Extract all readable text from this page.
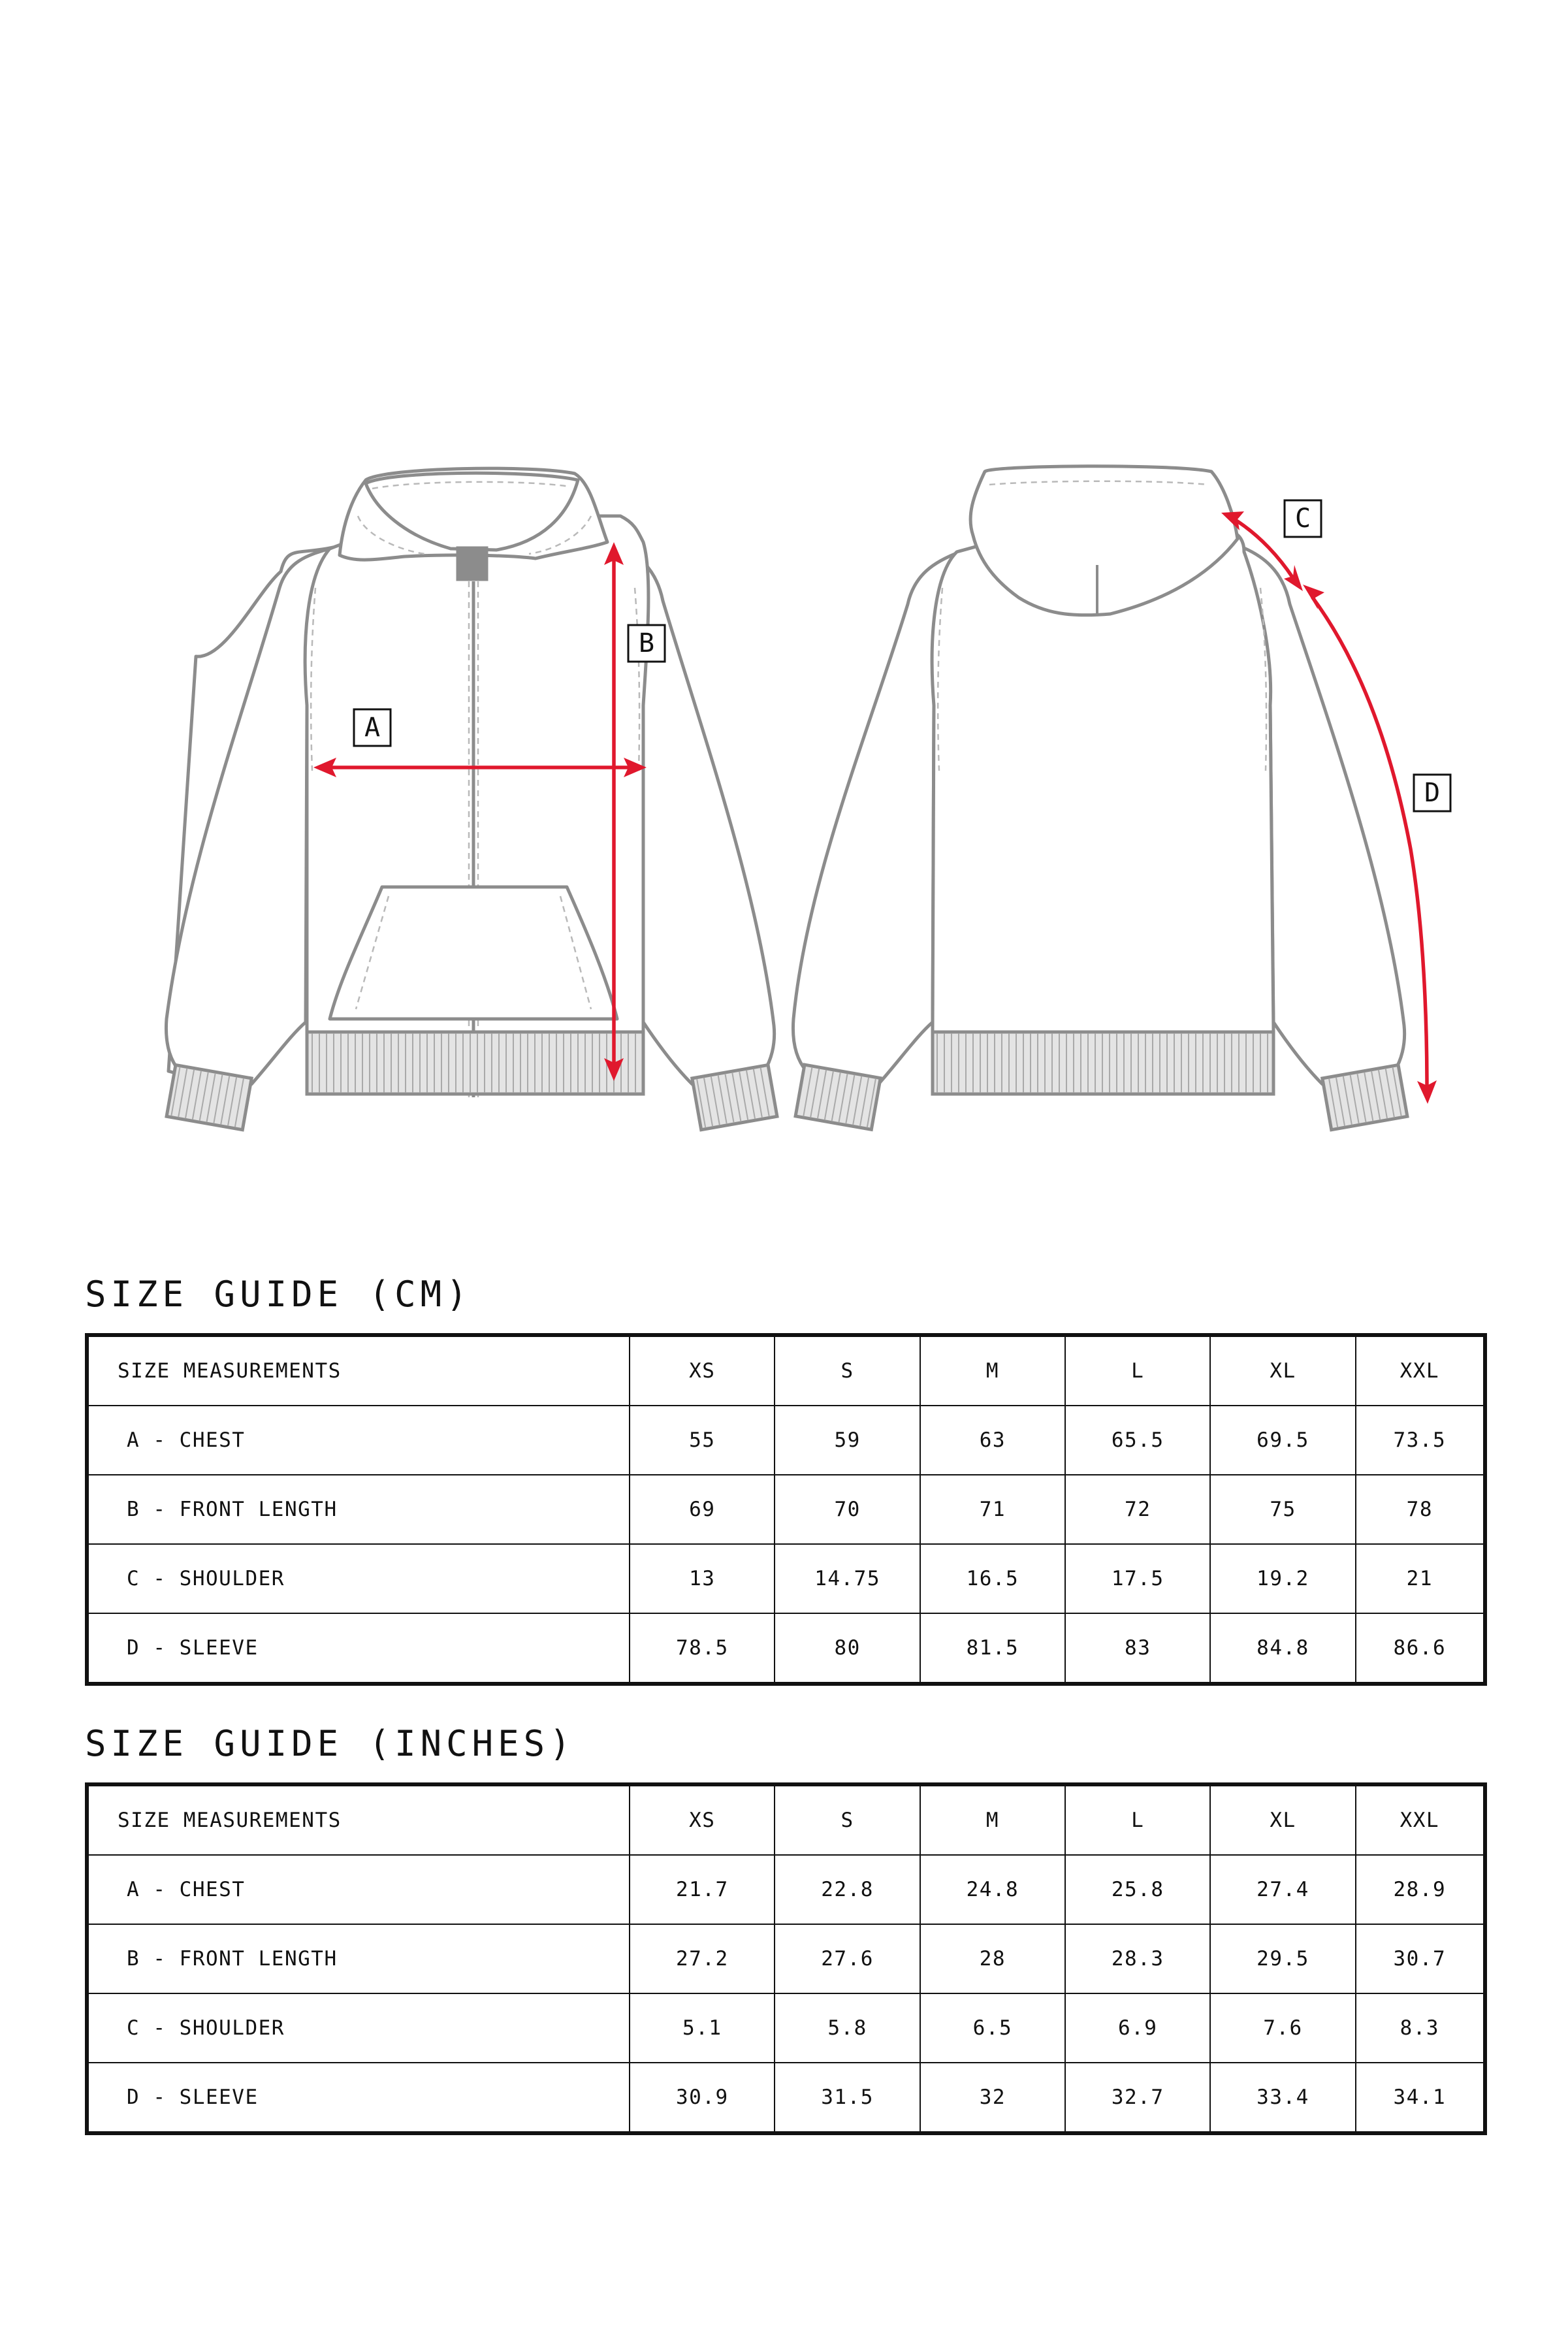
A
B
C
D
SIZE GUIDE (CM)
SIZE MEASUREMENTS	XS	S	M	L	XL	XXL
A - CHEST	55	59	63	65.5	69.5	73.5
B - FRONT LENGTH	69	70	71	72	75	78
C - SHOULDER	13	14.75	16.5	17.5	19.2	21
D - SLEEVE	78.5	80	81.5	83	84.8	86.6
SIZE GUIDE (INCHES)
SIZE MEASUREMENTS	XS	S	M	L	XL	XXL
A - CHEST	21.7	22.8	24.8	25.8	27.4	28.9
B - FRONT LENGTH	27.2	27.6	28	28.3	29.5	30.7
C - SHOULDER	5.1	5.8	6.5	6.9	7.6	8.3
D - SLEEVE	30.9	31.5	32	32.7	33.4	34.1
